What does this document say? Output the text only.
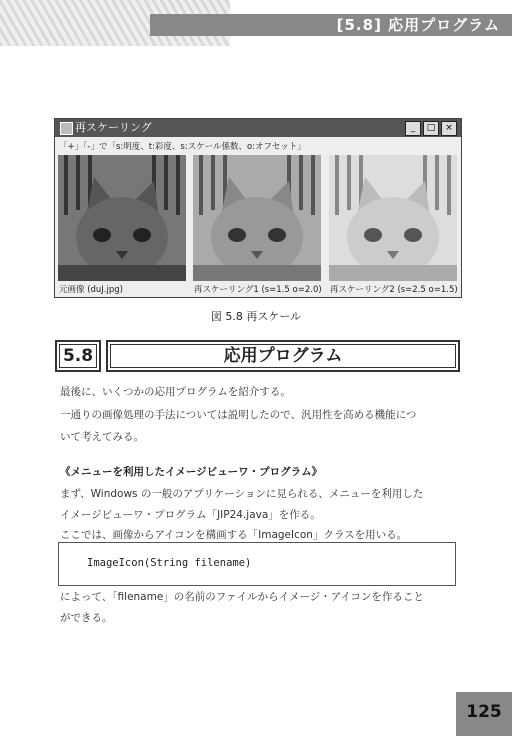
[5.8] 応用プログラム
再スケーリング	_	□	×
「+」「-」で「s:明度、t:彩度、s:スケール係数、o:オフセット」
元画像 (duJ.jpg)	再スケーリング1 (s=1.5 o=2.0) 再スケーリング2 (s=2.5 o=1.5)
図 5.8 再スケール
5.8	応用プログラム
最後に、いくつかの応用プログラムを紹介する。
一通りの画像処理の手法については説明したので、汎用性を高める機能につ
いて考えてみる。
《メニューを利用したイメージビューワ・プログラム》
まず、Windows の一般のアプリケーションに見られる、メニューを利用した
イメージビューワ・プログラム「JIP24.java」を作る。
ここでは、画像からアイコンを構画する「ImageIcon」クラスを用いる。
ImageIcon(String filename)
によって、「filename」の名前のファイルからイメージ・アイコンを作ること
ができる。
125
